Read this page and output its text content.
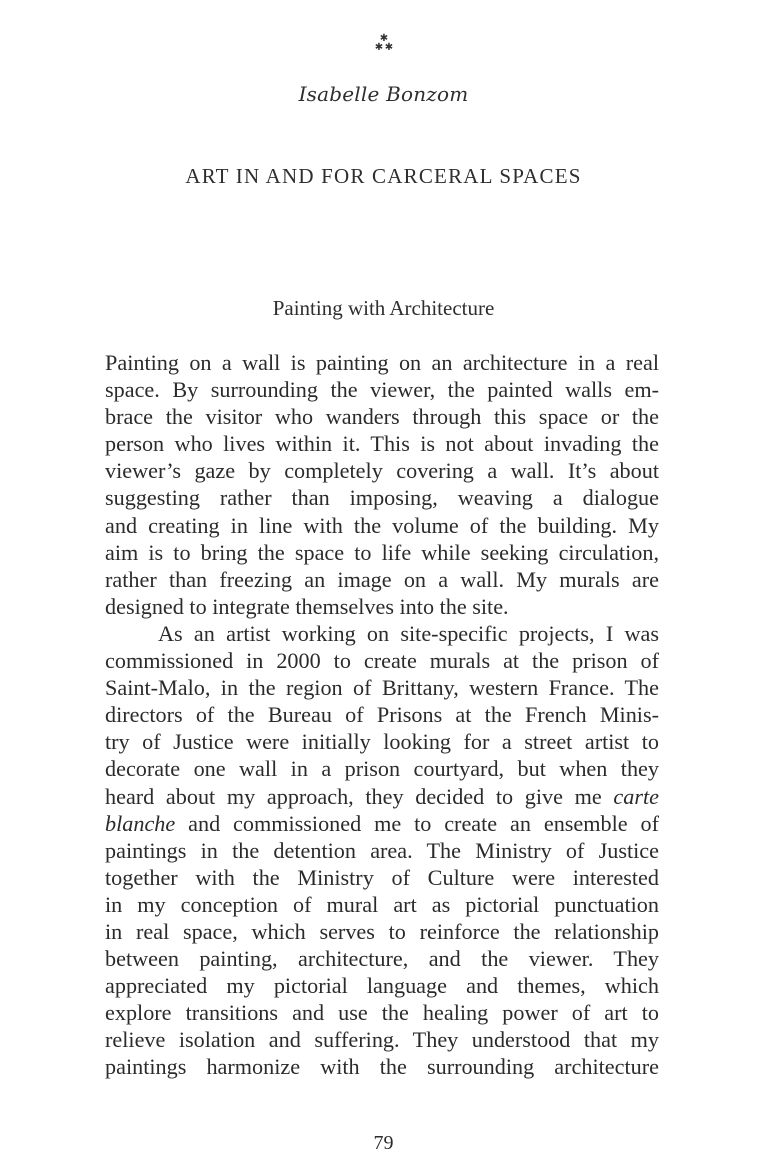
✱
✱ ✱
Isabelle Bonzom
ART IN AND FOR CARCERAL SPACES
Painting with Architecture
Painting on a wall is painting on an architecture in a real
space. By surrounding the viewer, the painted walls em-
brace the visitor who wanders through this space or the
person who lives within it. This is not about invading the
viewer’s gaze by completely covering a wall. It’s about
suggesting rather than imposing, weaving a dialogue
and creating in line with the volume of the building. My
aim is to bring the space to life while seeking circulation,
rather than freezing an image on a wall. My murals are
designed to integrate themselves into the site.
As an artist working on site-specific projects, I was
commissioned in 2000 to create murals at the prison of
Saint-Malo, in the region of Brittany, western France. The
directors of the Bureau of Prisons at the French Minis-
try of Justice were initially looking for a street artist to
decorate one wall in a prison courtyard, but when they
heard about my approach, they decided to give me carte
blanche and commissioned me to create an ensemble of
paintings in the detention area. The Ministry of Justice
together with the Ministry of Culture were interested
in my conception of mural art as pictorial punctuation
in real space, which serves to reinforce the relationship
between painting, architecture, and the viewer. They
appreciated my pictorial language and themes, which
explore transitions and use the healing power of art to
relieve isolation and suffering. They understood that my
paintings harmonize with the surrounding architecture
79
